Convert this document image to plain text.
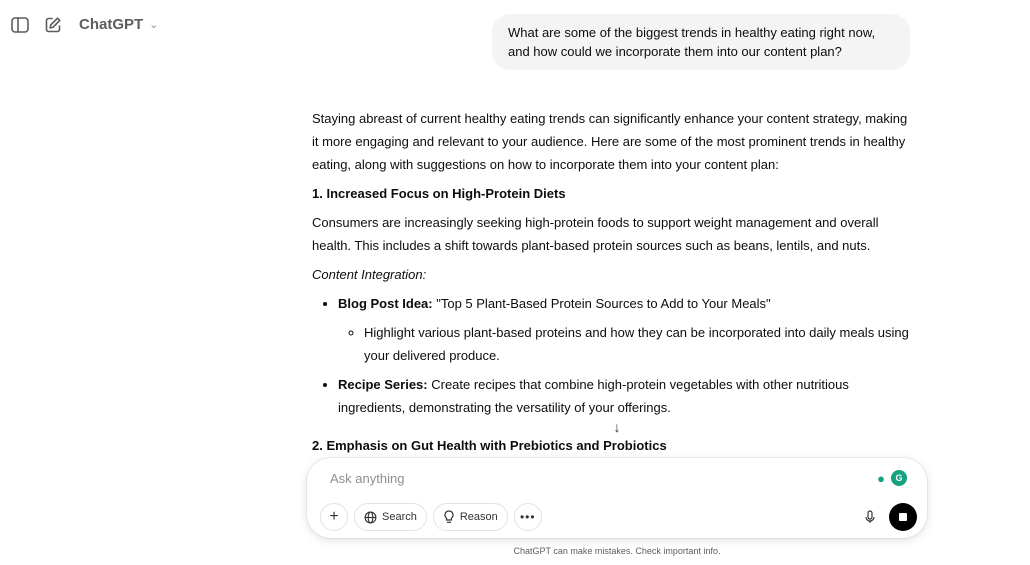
ChatGPT ⌄	What are some of the biggest trends in healthy eating right now, and how could we incorporate them into our content plan?

Staying abreast of current healthy eating trends can significantly enhance your content strategy, making it more engaging and relevant to your audience. Here are some of the most prominent trends in healthy eating, along with suggestions on how to incorporate them into your content plan:

1. Increased Focus on High-Protein Diets

Consumers are increasingly seeking high-protein foods to support weight management and overall health. This includes a shift towards plant-based protein sources such as beans, lentils, and nuts.

Content Integration:

• Blog Post Idea: "Top 5 Plant-Based Protein Sources to Add to Your Meals"
◦ Highlight various plant-based proteins and how they can be incorporated into daily meals using your delivered produce.
• Recipe Series: Create recipes that combine high-protein vegetables with other nutritious ingredients, demonstrating the versatility of your offerings.
2. Emphasis on Gut Health with Prebiotics and Probiotics
↓
Ask anything
●	G
+	Search	Reason •••
ChatGPT can make mistakes. Check important info.
